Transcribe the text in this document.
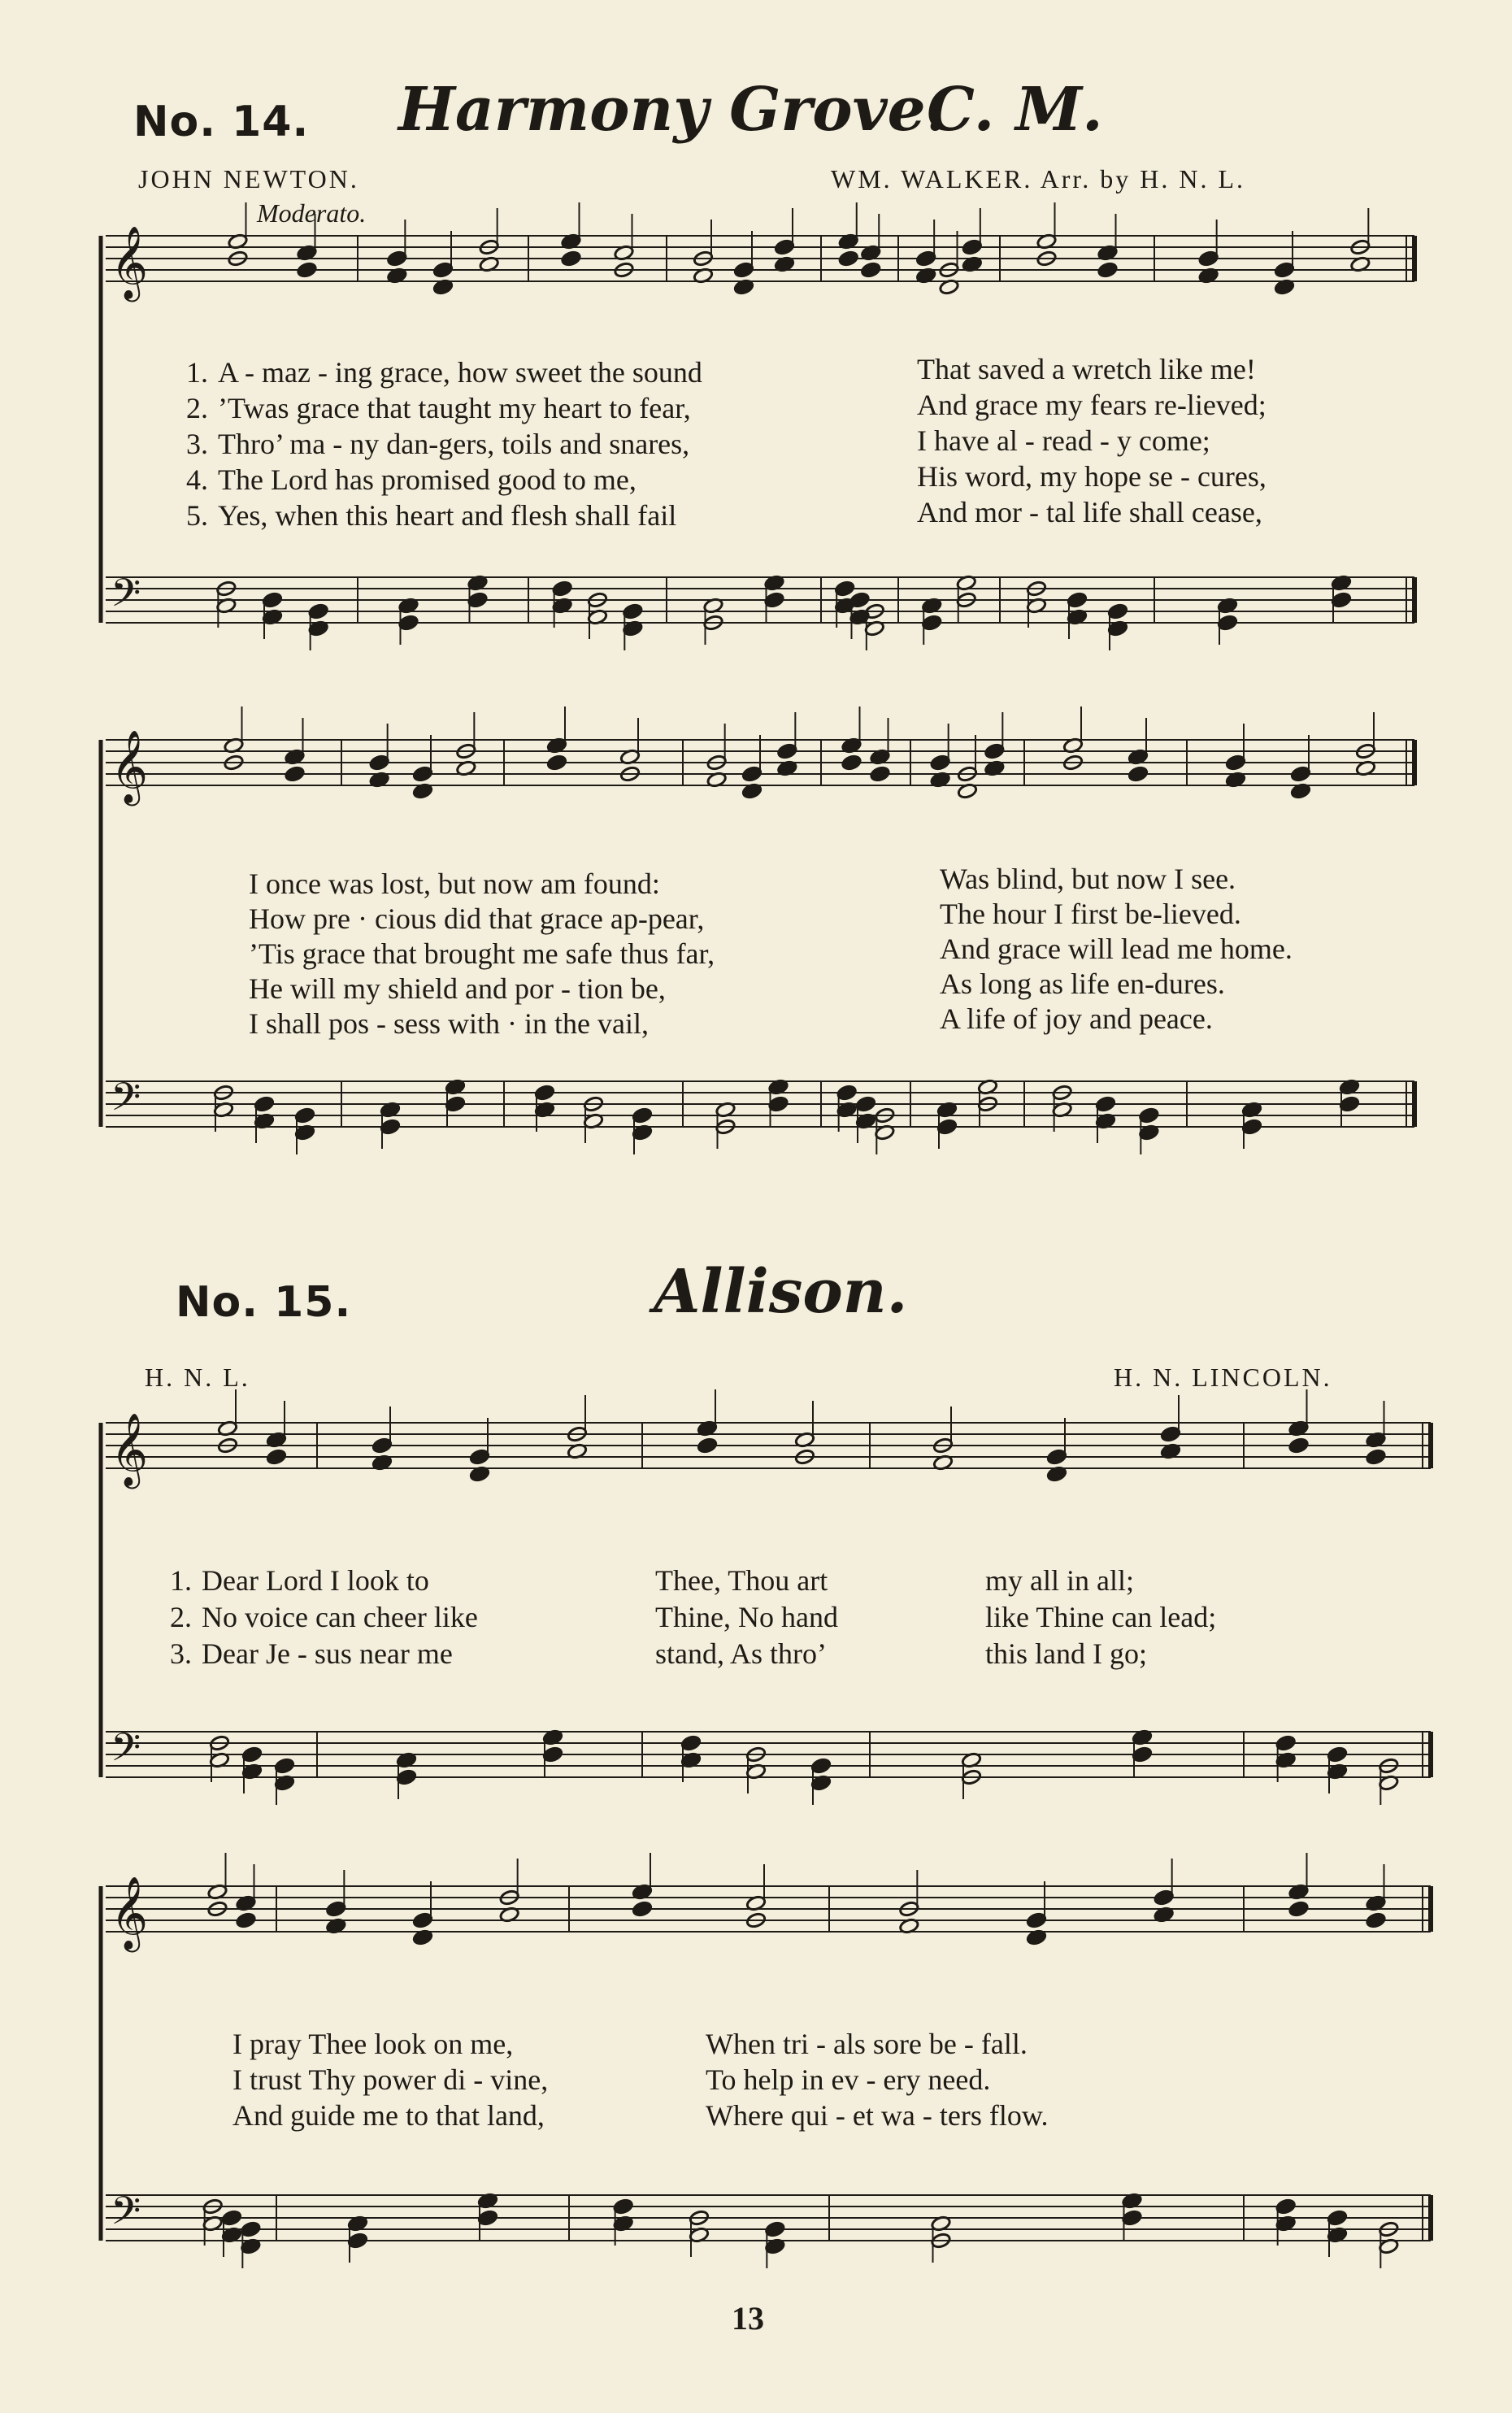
No. 14. Harmony Grove.
C. M.
JOHN NEWTON.	WM. WALKER. Arr. by H. N. L.
Moderato.
𝄞
𝄢
1. A - maz - ing grace, how sweet the sound
2. ’Twas grace that taught my heart to fear,
3. Thro’ ma - ny dan-gers, toils and snares,
4. The Lord has promised good to me,
5. Yes, when this heart and flesh shall fail
That saved a wretch like me!
And grace my fears re-lieved;
I have al - read - y come;
His word, my hope se - cures,
And mor - tal life shall cease,
𝄞
𝄢
I once was lost, but now am found:
How pre · cious did that grace ap-pear,
’Tis grace that brought me safe thus far,
He will my shield and por - tion be,
I shall pos - sess with · in the vail,
Was blind, but now I see.
The hour I first be-lieved.
And grace will lead me home.
As long as life en-dures.
A life of joy and peace.
No. 15.	Allison.
H. N. L.	H. N. LINCOLN.
𝄞
𝄢
1. Dear Lord I look to
2. No voice can cheer like
3. Dear Je - sus near me
Thee, Thou art
Thine, No hand
stand, As thro’
my all in all;
like Thine can lead;
this land I go;
𝄞
𝄢
I pray Thee look on me,
I trust Thy power di - vine,
And guide me to that land,
When tri - als sore be - fall.
To help in ev - ery need.
Where qui - et wa - ters flow.
13
